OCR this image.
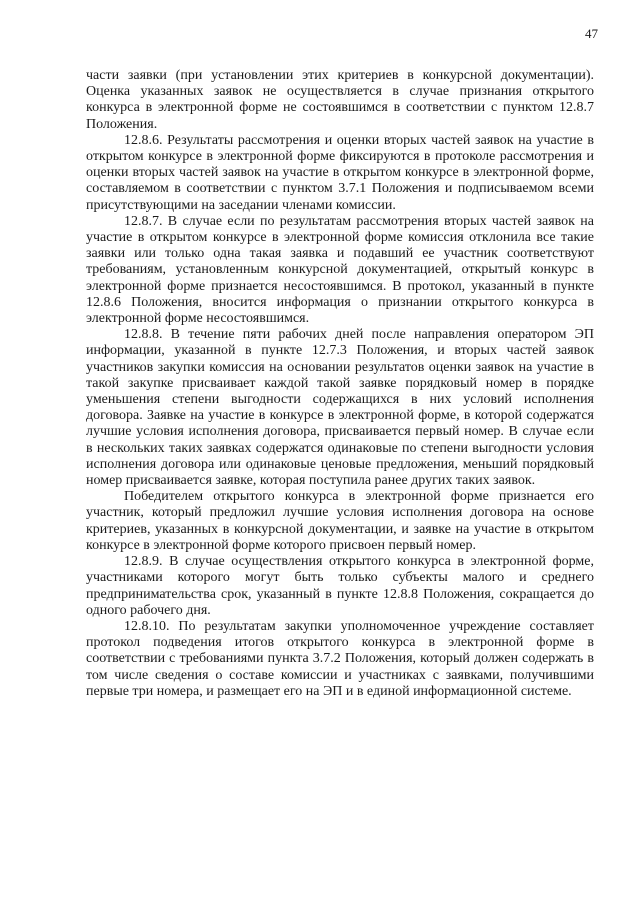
47

части заявки (при установлении этих критериев в конкурсной документации). Оценка указанных заявок не осуществляется в случае признания открытого конкурса в электронной форме не состоявшимся в соответствии с пунктом 12.8.7 Положения.

12.8.6. Результаты рассмотрения и оценки вторых частей заявок на участие в открытом конкурсе в электронной форме фиксируются в протоколе рассмотрения и оценки вторых частей заявок на участие в открытом конкурсе в электронной форме, составляемом в соответствии с пунктом 3.7.1 Положения и подписываемом всеми присутствующими на заседании членами комиссии.

12.8.7. В случае если по результатам рассмотрения вторых частей заявок на участие в открытом конкурсе в электронной форме комиссия отклонила все такие заявки или только одна такая заявка и подавший ее участник соответствуют требованиям, установленным конкурсной документацией, открытый конкурс в электронной форме признается несостоявшимся. В протокол, указанный в пункте 12.8.6 Положения, вносится информация о признании открытого конкурса в электронной форме несостоявшимся.

12.8.8. В течение пяти рабочих дней после направления оператором ЭП информации, указанной в пункте 12.7.3 Положения, и вторых частей заявок участников закупки комиссия на основании результатов оценки заявок на участие в такой закупке присваивает каждой такой заявке порядковый номер в порядке уменьшения степени выгодности содержащихся в них условий исполнения договора. Заявке на участие в конкурсе в электронной форме, в которой содержатся лучшие условия исполнения договора, присваивается первый номер. В случае если в нескольких таких заявках содержатся одинаковые по степени выгодности условия исполнения договора или одинаковые ценовые предложения, меньший порядковый номер присваивается заявке, которая поступила ранее других таких заявок.

Победителем открытого конкурса в электронной форме признается его участник, который предложил лучшие условия исполнения договора на основе критериев, указанных в конкурсной документации, и заявке на участие в открытом конкурсе в электронной форме которого присвоен первый номер.

12.8.9. В случае осуществления открытого конкурса в электронной форме, участниками которого могут быть только субъекты малого и среднего предпринимательства срок, указанный в пункте 12.8.8 Положения, сокращается до одного рабочего дня.

12.8.10. По результатам закупки уполномоченное учреждение составляет протокол подведения итогов открытого конкурса в электронной форме в соответствии с требованиями пункта 3.7.2 Положения, который должен содержать в том числе сведения о составе комиссии и участниках с заявками, получившими первые три номера, и размещает его на ЭП и в единой информационной системе.
